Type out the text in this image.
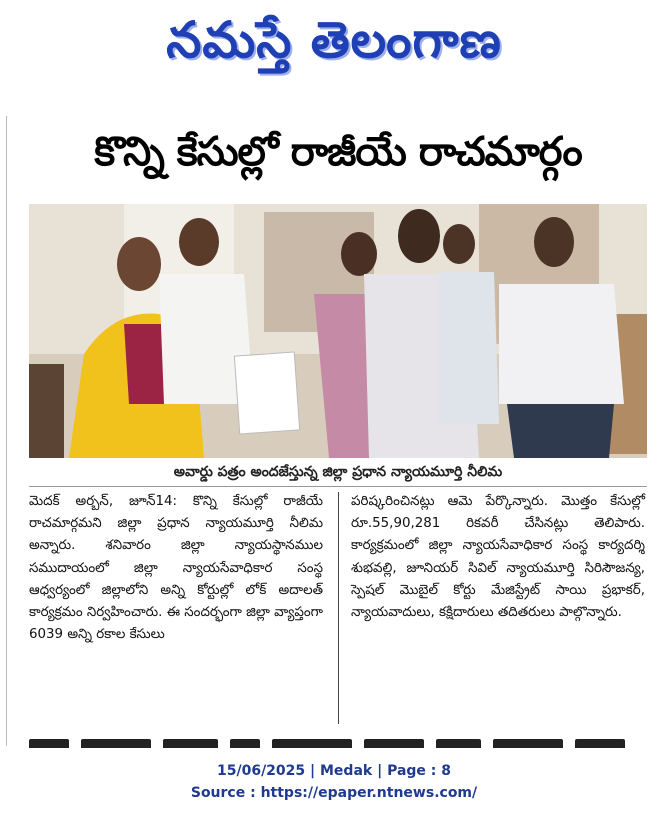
నమస్తే తెలంగాణ
కొన్ని కేసుల్లో రాజీయే రాచమార్గం
అవార్డు పత్రం అందజేస్తున్న జిల్లా ప్రధాన న్యాయమూర్తి నీలిమ

మెదక్ అర్బన్, జూన్14: కొన్ని కేసుల్లో రాజీయే రాచమార్గమని జిల్లా ప్రధాన న్యాయమూర్తి నీలిమ అన్నారు. శనివారం జిల్లా న్యాయస్థానముల సముదాయంలో జిల్లా న్యాయసేవాధికార సంస్థ ఆధ్వర్యంలో జిల్లాలోని అన్ని కోర్టుల్లో లోక్ అదాలత్ కార్యక్రమం నిర్వహించారు. ఈ సందర్భంగా జిల్లా వ్యాప్తంగా 6039 అన్ని రకాల కేసులు

పరిష్కరించినట్లు ఆమె పేర్కొన్నారు. మొత్తం కేసుల్లో రూ.55,90,281 రికవరీ చేసినట్లు తెలిపారు. కార్యక్రమంలో జిల్లా న్యాయసేవాధికార సంస్థ కార్యదర్శి శుభవల్లి, జూనియర్ సివిల్ న్యాయమూర్తి సిరిసౌజన్య, స్పెషల్ మొబైల్ కోర్టు మేజిస్ట్రేట్ సాయి ప్రభాకర్, న్యాయవాదులు, కక్షిదారులు తదితరులు పాల్గొన్నారు.

15/06/2025 | Medak | Page : 8
Source : https://epaper.ntnews.com/
